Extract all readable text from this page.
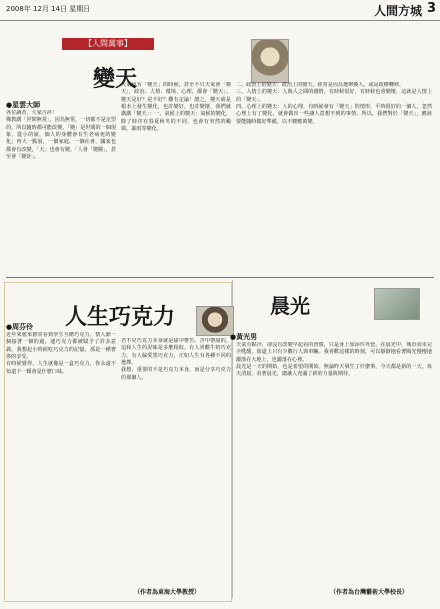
2008年 12月 14日 星期日	人間方城 3
【人間萬事】
變天
●星雲大師
各位讀者，大家吉祥！
佛教講「世間無常」，因為無常，一切都不是定型的，所以隨時都可能改變。「變」是世間的一個現象，從小的說，個人的身體會有生老病死的變化；再大一點說，一個家庭、一個社會、國家也都會有改變，「天」也會有變。「人會「變臉」，甚至會「變卦」。
天氣也有「變天」的時候，甚至不只天氣會「變天」，政治、人情、環境、心理，都會「變天」。變天是好？是不好？難有定論！總之，變天就是根本上發生變化，也許變好，也許變壞，我們就講講「變天」：一、氣候上的變天：氣候的變化，除了時序有春夏秋冬的不同，也會有突然的颱風、暴雨等變化。
二、政治上的變天：政治上的變天，經常是因為選舉換人，或是政權轉移。
三、人情上的變天：人與人之間的感情，有時候很好，有時候也會變壞，這就是人情上的「變天」。
四、心理上的變天：人的心理，有時候會有「變天」的情形，平時很好的一個人，忽然心理上有了變化，就會做出一些讓人意想不到的事情。所以，我們對於「變天」，應該要能隨時做好準備，以不變應萬變。
人生巧克力
●周芬伶
近年來愈來愈常看到學生互贈巧克力，情人節一個接著一個的過，連巧克力都被賦予了許多意義。我想起小時候吃巧克力的記憶，那是一種奢侈的享受。
有時候覺得，人生就像是一盒巧克力，你永遠不知道下一顆會是什麼口味。
君不見巧克力本身就是甜中帶苦、苦中帶甜的，這和人生的況味是多麼相似。有人喜歡牛奶巧克力，有人偏愛黑巧克力，正如人生有各種不同的選擇。
我想，重要的不是巧克力本身，而是分享巧克力的那個人。
（作者為東海大學教授）
晨光
●黃光男
天氣有點冷，卻沒有改變早起看的習慣，只是身上加添件外套。在晨光中，城市尚未完全甦醒，街道上只有少數行人與車輛。我喜歡這樣的時刻，可以靜靜地看著陽光慢慢地灑落在大地上，也灑落在心裡。
晨光是一天的開始，也是希望的開始。無論昨天發生了什麼事，今天都是新的一天。每天清晨，看著晨光，總讓人充滿了新的力量與期待。
（作者為台灣藝術大學校長）
